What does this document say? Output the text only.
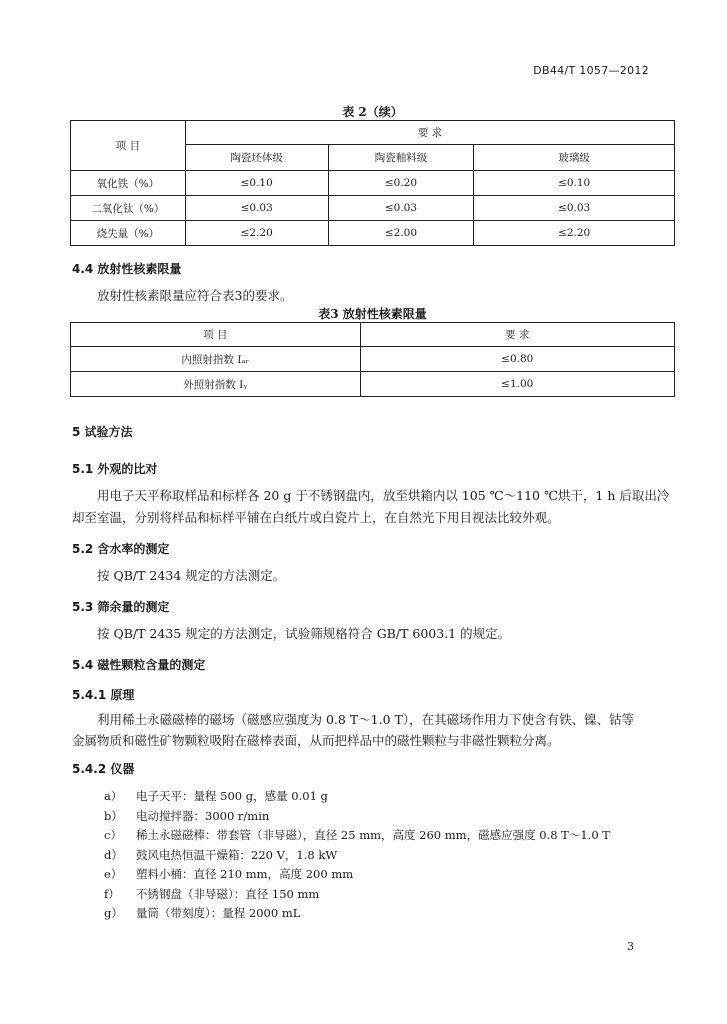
DB44/T 1057—2012
表 2（续）
项 目	要 求		
	陶瓷坯体级	陶瓷釉料级	玻璃级
氧化铁（%）	≤0.10	≤0.20	≤0.10
二氧化钛（%）	≤0.03	≤0.03	≤0.03
烧失量（%）	≤2.20	≤2.00	≤2.20
4.4 放射性核素限量
放射性核素限量应符合表3的要求。
表3 放射性核素限量
项 目	要 求
内照射指数 Iₐᵣ	≤0.80
外照射指数 Iᵧ	≤1.00
5 试验方法
5.1 外观的比对
用电子天平称取样品和标样各 20 g 于不锈钢盘内，放至烘箱内以 105 ℃～110 ℃烘干，1 h 后取出冷
却至室温，分别将样品和标样平铺在白纸片或白瓷片上，在自然光下用目视法比较外观。
5.2 含水率的测定
按 QB/T 2434 规定的方法测定。
5.3 筛余量的测定
按 QB/T 2435 规定的方法测定，试验筛规格符合 GB/T 6003.1 的规定。
5.4 磁性颗粒含量的测定
5.4.1 原理
利用稀土永磁磁棒的磁场（磁感应强度为 0.8 T～1.0 T），在其磁场作用力下使含有铁、镍、钴等
金属物质和磁性矿物颗粒吸附在磁棒表面，从而把样品中的磁性颗粒与非磁性颗粒分离。
5.4.2 仪器
a） 电子天平：量程 500 g，感量 0.01 g
b） 电动搅拌器：3000 r/min
c） 稀土永磁磁棒：带套管（非导磁），直径 25 mm，高度 260 mm，磁感应强度 0.8 T～1.0 T
d） 鼓风电热恒温干燥箱：220 V，1.8 kW
e） 塑料小桶：直径 210 mm，高度 200 mm
f） 不锈钢盘（非导磁）：直径 150 mm
g） 量筒（带刻度）：量程 2000 mL
3
